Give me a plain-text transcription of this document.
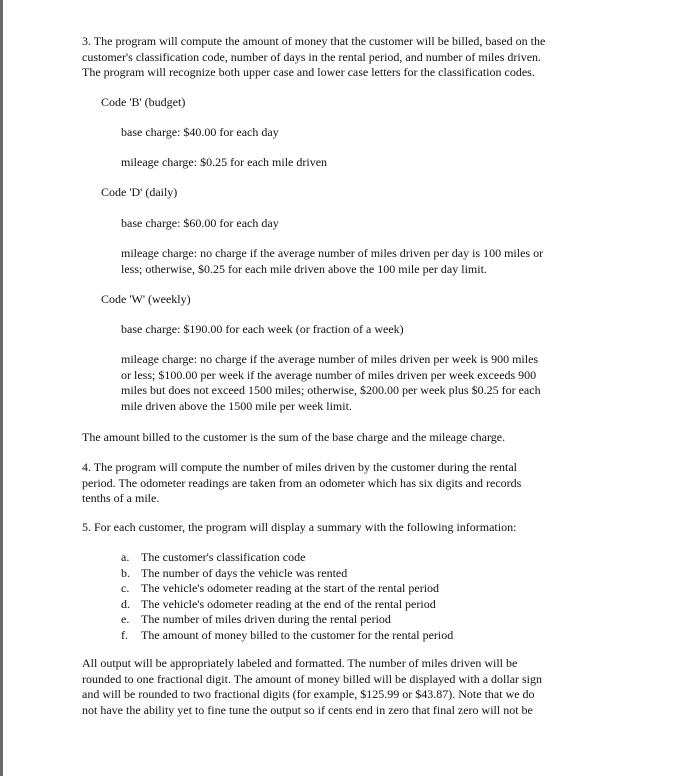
3. The program will compute the amount of money that the customer will be billed, based on the
customer's classification code, number of days in the rental period, and number of miles driven.
The program will recognize both upper case and lower case letters for the classification codes.
Code 'B' (budget)
base charge: $40.00 for each day
mileage charge: $0.25 for each mile driven
Code 'D' (daily)
base charge: $60.00 for each day
mileage charge: no charge if the average number of miles driven per day is 100 miles or
less; otherwise, $0.25 for each mile driven above the 100 mile per day limit.
Code 'W' (weekly)
base charge: $190.00 for each week (or fraction of a week)
mileage charge: no charge if the average number of miles driven per week is 900 miles
or less; $100.00 per week if the average number of miles driven per week exceeds 900
miles but does not exceed 1500 miles; otherwise, $200.00 per week plus $0.25 for each
mile driven above the 1500 mile per week limit.
The amount billed to the customer is the sum of the base charge and the mileage charge.
4. The program will compute the number of miles driven by the customer during the rental
period. The odometer readings are taken from an odometer which has six digits and records
tenths of a mile.
5. For each customer, the program will display a summary with the following information:
a. The customer's classification code
b. The number of days the vehicle was rented
c. The vehicle's odometer reading at the start of the rental period
d. The vehicle's odometer reading at the end of the rental period
e. The number of miles driven during the rental period
f.	The amount of money billed to the customer for the rental period
All output will be appropriately labeled and formatted. The number of miles driven will be
rounded to one fractional digit. The amount of money billed will be displayed with a dollar sign
and will be rounded to two fractional digits (for example, $125.99 or $43.87). Note that we do
not have the ability yet to fine tune the output so if cents end in zero that final zero will not be
